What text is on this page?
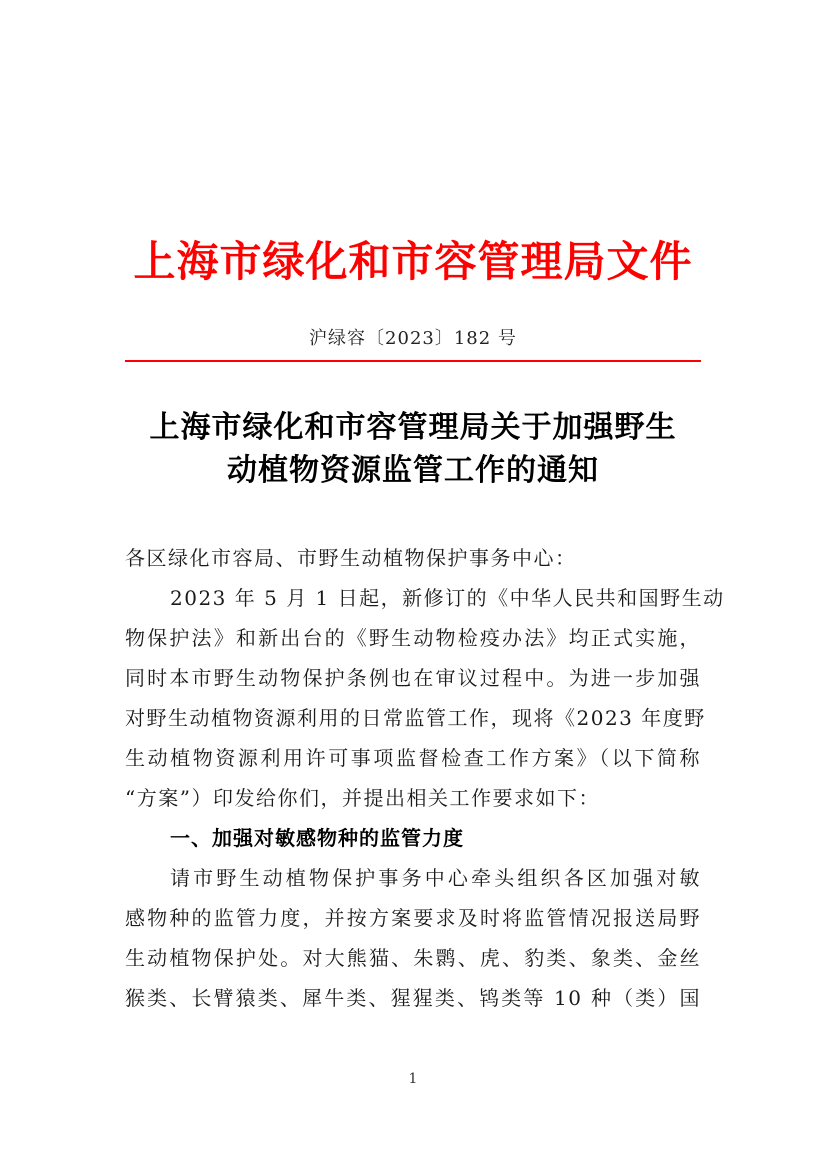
上海市绿化和市容管理局文件
沪绿容〔2023〕182 号
上海市绿化和市容管理局关于加强野生
动植物资源监管工作的通知
各区绿化市容局、市野生动植物保护事务中心：
2023 年 5 月 1 日起，新修订的《中华人民共和国野生动
物保护法》和新出台的《野生动物检疫办法》均正式实施，
同时本市野生动物保护条例也在审议过程中。为进一步加强
对野生动植物资源利用的日常监管工作，现将《2023 年度野
生动植物资源利用许可事项监督检查工作方案》（以下简称
“方案”）印发给你们，并提出相关工作要求如下：
一、加强对敏感物种的监管力度
请市野生动植物保护事务中心牵头组织各区加强对敏
感物种的监管力度，并按方案要求及时将监管情况报送局野
生动植物保护处。对大熊猫、朱鹮、虎、豹类、象类、金丝
猴类、长臂猿类、犀牛类、猩猩类、鸨类等 10 种（类）国
1
